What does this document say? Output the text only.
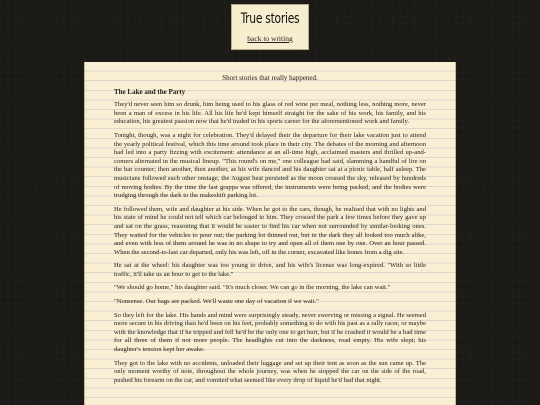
True stories
back to writing
Short stories that really happened.
The Lake and the Party

They'd never seen him so drunk, him being used to his glass of red wine per meal, nothing less, nothing more, never been a man of excess in his life. All his life he'd kept himself straight for the sake of his work, his family, and his education, his greatest passion now that he'd traded in his sports career for the aforementioned work and family.

Tonight, though, was a night for celebration. They'd delayed their the departure for their lake vacation just to attend the yearly political festival, which this time around took place in their city. The debates of the morning and afternoon had led into a party fizzing with excitement: attendance at an all-time high, acclaimed masters and thrilled up-and-comers alternated in the musical lineup. "This round's on me," one colleague had said, slamming a handful of lire on the bar counter; then another, then another, as his wife danced and his daughter sat at a picnic table, half asleep. The musicians followed each other onstage, the August heat persisted as the moon crossed the sky, released by hundreds of moving bodies. By the time the last grappa was offered, the instruments were being packed, and the bodies were trudging through the dark to the makeshift parking lot.

He followed them, wife and daughter at his side. When he got to the cars, though, he realised that with no lights and his state of mind he could not tell which car belonged to him. They crossed the park a few times before they gave up and sat on the grass, reasoning that it would be easier to find his car when not surrounded by similar-looking ones. They waited for the vehicles to pour out; the parking lot thinned out, but in the dark they all looked too much alike, and even with less of them around he was in no shape to try and open all of them one by one. Over an hour passed. When the second-to-last car departed, only his was left, off in the corner, excavated like bones from a dig site.

He sat at the wheel: his daughter was too young to drive, and his wife's license was long-expired. "With so little traffic, it'll take us an hour to get to the lake."

"We should go home," his daughter said. "It's much closer. We can go in the morning, the lake can wait."

"Nonsense. Our bags are packed. We'll waste one day of vacation if we wait."

So they left for the lake. His hands and mind were surprisingly steady, never swerving or missing a signal. He seemed more secure in his driving than he'd been on his feet, probably something to do with his past as a rally racer, or maybe with the knowledge that if he tripped and fell he'd be the only one to get hurt, but if he crashed it would be a bad time for all three of them if not more people. The headlights cut into the darkness, road empty. His wife slept; his daughter's tension kept her awake.

They got to the lake with no accidents, unloaded their luggage and set up their tent as soon as the sun came up. The only moment worthy of note, throughout the whole journey, was when he stopped the car on the side of the road, pushed his forearm on the car, and vomited what seemed like every drop of liquid he'd had that night.
